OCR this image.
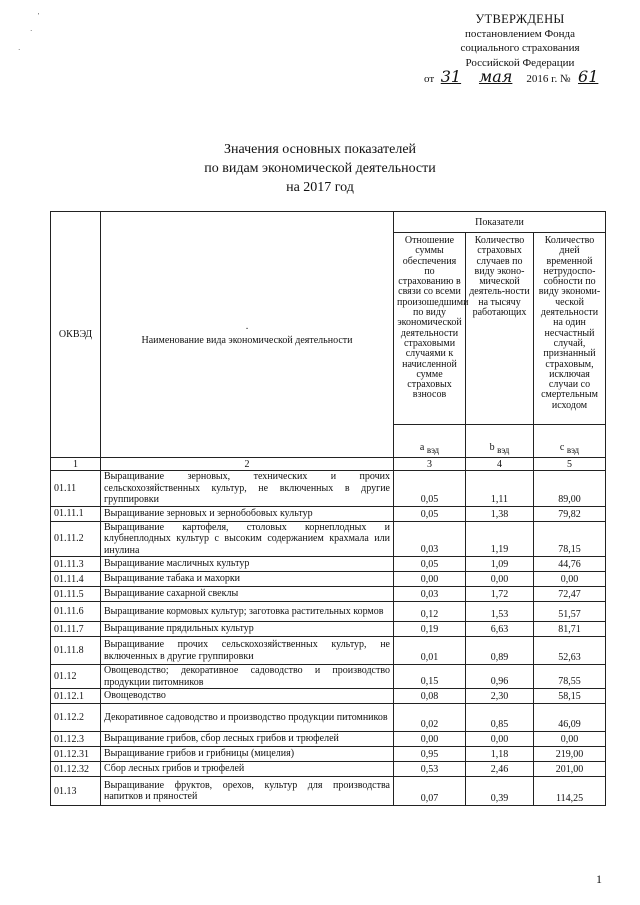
'
·
·
УТВЕРЖДЕНЫ
постановлением Фонда
социального страхования
Российской Федерации
от 31 мая 2016 г. № 61
Значения основных показателей
по видам экономической деятельности
на 2017 год
ОКВЭД	·
Наименование вида экономической деятельности	Показатели		
		Отношение суммы обеспечения по страхованию в связи со всеми произошедшими по виду экономической деятельности страховыми случаями к начисленной сумме страховых взносов	Количество страховых случаев по виду эконо-мической деятель-ности на тысячу работающих	Количество дней временной нетрудоспо-собности по виду экономи-ческой деятельности на один несчастный случай, признанный страховым, исключая случаи со смертельным исходом
		a $_{вэд}$	b $_{вэд}$	c $_{вэд}$
1	2	3	4	5
01.11	Выращивание зерновых, технических и прочих сельскохозяйственных культур, не включенных в другие группировки	0,05	1,11	89,00
01.11.1	Выращивание зерновых и зернобобовых культур	0,05	1,38	79,82
01.11.2	Выращивание картофеля, столовых корнеплодных и клубнеплодных культур с высоким содержанием крахмала или инулина	0,03	1,19	78,15
01.11.3	Выращивание масличных культур	0,05	1,09	44,76
01.11.4	Выращивание табака и махорки	0,00	0,00	0,00
01.11.5	Выращивание сахарной свеклы	0,03	1,72	72,47
01.11.6	Выращивание кормовых культур; заготовка растительных кормов	0,12	1,53	51,57
01.11.7	Выращивание прядильных культур	0,19	6,63	81,71
01.11.8	Выращивание прочих сельскохозяйственных культур, не включенных в другие группировки	0,01	0,89	52,63
01.12	Овощеводство; декоративное садоводство и производство продукции питомников	0,15	0,96	78,55
01.12.1	Овощеводство	0,08	2,30	58,15
01.12.2	Декоративное садоводство и производство продукции питомников	0,02	0,85	46,09
01.12.3	Выращивание грибов, сбор лесных грибов и трюфелей	0,00	0,00	0,00
01.12.31	Выращивание грибов и грибницы (мицелия)	0,95	1,18	219,00
01.12.32	Сбор лесных грибов и трюфелей	0,53	2,46	201,00
01.13	Выращивание фруктов, орехов, культур для производства напитков и пряностей	0,07	0,39	114,25
1
